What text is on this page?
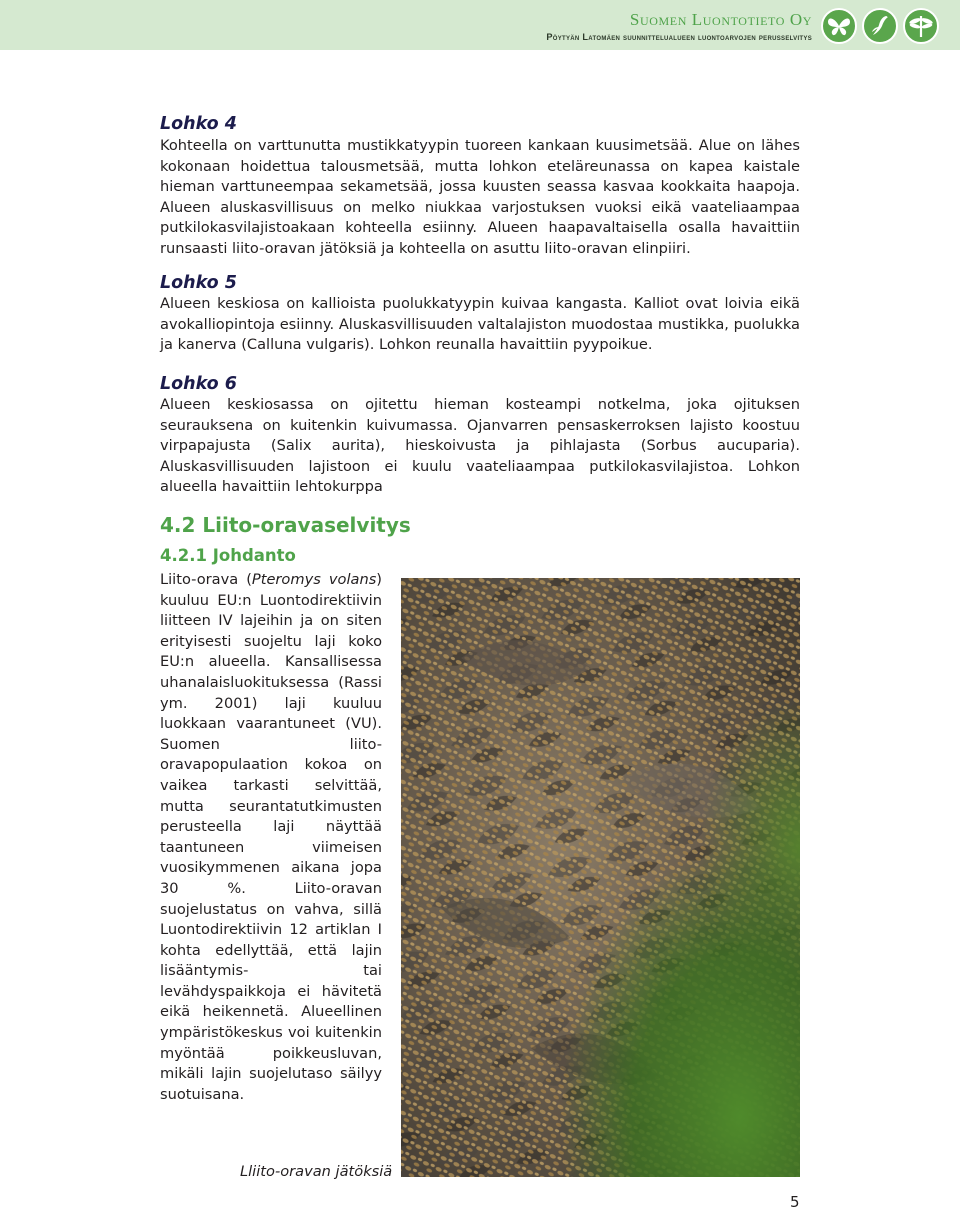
Suomen Luontotieto Oy
Pöytyän Latomäen suunnittelualueen luontoarvojen perusselvitys
Lohko 4
Kohteella on varttunutta mustikkatyypin tuoreen kankaan kuusimetsää. Alue on lähes kokonaan hoidettua talousmetsää, mutta lohkon eteläreunassa on kapea kaistale hieman varttuneempaa sekametsää, jossa kuusten seassa kasvaa kookkaita haapoja. Alueen aluskasvillisuus on melko niukkaa varjostuksen vuoksi eikä vaateliaampaa putkilokasvilajistoakaan kohteella esiinny. Alueen haapavaltaisella osalla havaittiin runsaasti liito-oravan jätöksiä ja kohteella on asuttu liito-oravan elinpiiri.
Lohko 5
Alueen keskiosa on kallioista puolukkatyypin kuivaa kangasta. Kalliot ovat loivia eikä avokalliopintoja esiinny. Aluskasvillisuuden valtalajiston muodostaa mustikka, puolukka ja kanerva (Calluna vulgaris). Lohkon reunalla havaittiin pyypoikue.
Lohko 6
Alueen keskiosassa on ojitettu hieman kosteampi notkelma, joka ojituksen seurauksena on kuitenkin kuivumassa. Ojanvarren pensaskerroksen lajisto koostuu virpapajusta (Salix aurita), hieskoivusta ja pihlajasta (Sorbus aucuparia). Aluskasvillisuuden lajistoon ei kuulu vaateliaampaa putkilokasvilajistoa. Lohkon alueella havaittiin lehtokurppa
4.2 Liito-oravaselvitys
4.2.1 Johdanto
Liito-orava (Pteromys volans) kuuluu EU:n Luontodirektiivin liitteen IV lajeihin ja on siten erityisesti suojeltu laji koko EU:n alueella. Kansallisessa uhanalaisluokituksessa (Rassi ym. 2001) laji kuuluu luokkaan vaarantuneet (VU). Suomen liito-oravapopulaation kokoa on vaikea tarkasti selvittää, mutta seurantatutkimusten perusteella laji näyttää taantuneen viimeisen vuosikymmenen aikana jopa 30 %. Liito-oravan suojelustatus on vahva, sillä Luontodirektiivin 12 artiklan I kohta edellyttää, että lajin lisääntymis- tai levähdyspaikkoja ei hävitetä eikä heikennetä. Alueellinen ympäristökeskus voi kuitenkin myöntää poikkeusluvan, mikäli lajin suojelutaso säilyy suotuisana.
Lliito-oravan jätöksiä
5
